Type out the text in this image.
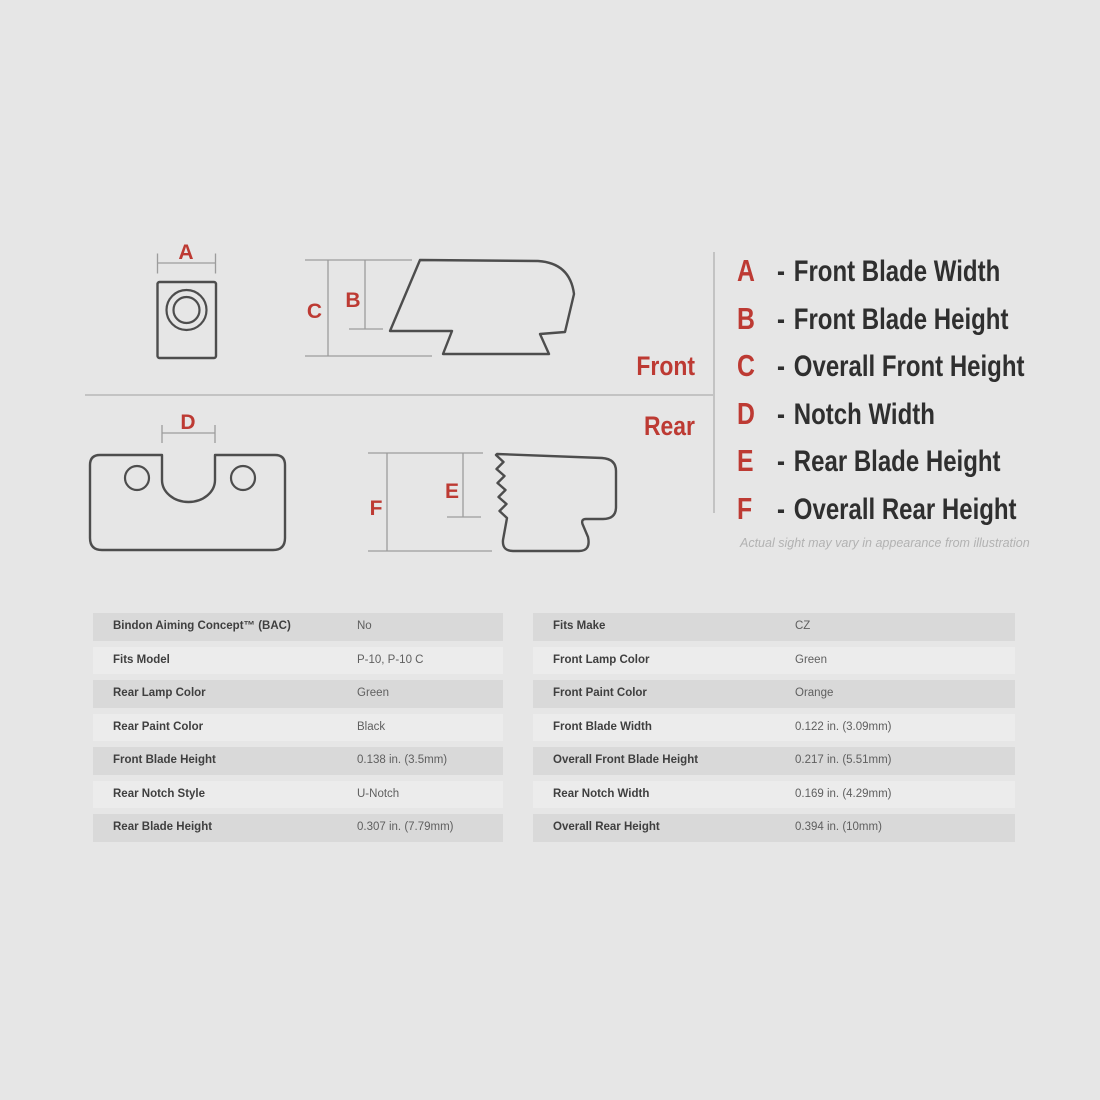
A
C B
D
F
E
Front
Rear
A - Front Blade Width
B - Front Blade Height
C - Overall Front Height
D - Notch Width
E - Rear Blade Height
F - Overall Rear Height
Actual sight may vary in appearance from illustration
Bindon Aiming Concept™ (BAC)	No
Fits Model	P-10, P-10 C
Rear Lamp Color	Green
Rear Paint Color	Black
Front Blade Height	0.138 in. (3.5mm)
Rear Notch Style	U-Notch
Rear Blade Height	0.307 in. (7.79mm)
Fits Make	CZ
Front Lamp Color	Green
Front Paint Color	Orange
Front Blade Width	0.122 in. (3.09mm)
Overall Front Blade Height	0.217 in. (5.51mm)
Rear Notch Width	0.169 in. (4.29mm)
Overall Rear Height	0.394 in. (10mm)
